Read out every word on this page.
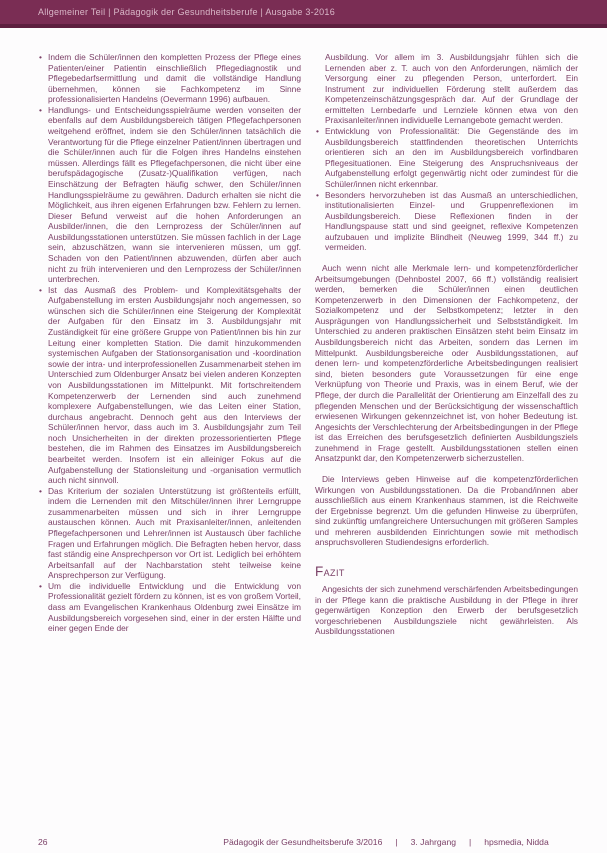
Allgemeiner Teil | Pädagogik der Gesundheitsberufe | Ausgabe 3-2016
• Indem die Schüler/innen den kompletten Prozess der Pflege eines Patienten/einer Patientin einschließlich Pflegediagnostik und Pflegebedarfsermittlung und damit die vollständige Handlung übernehmen, können sie Fachkompetenz im Sinne professionalisierten Handelns (Oevermann 1996) aufbauen.
• Handlungs- und Entscheidungsspielräume werden vonseiten der ebenfalls auf dem Ausbildungsbereich tätigen Pflegefachpersonen weitgehend eröffnet, indem sie den Schüler/innen tatsächlich die Verantwortung für die Pflege einzelner Patient/innen übertragen und die Schüler/innen auch für die Folgen ihres Handelns einstehen müssen. Allerdings fällt es Pflegefachpersonen, die nicht über eine berufspädagogische (Zusatz-)Qualifikation verfügen, nach Einschätzung der Befragten häufig schwer, den Schüler/innen Handlungsspielräume zu gewähren. Dadurch erhalten sie nicht die Möglichkeit, aus ihren eigenen Erfahrungen bzw. Fehlern zu lernen. Dieser Befund verweist auf die hohen Anforderungen an Ausbilder/innen, die den Lernprozess der Schüler/innen auf Ausbildungsstationen unterstützen. Sie müssen fachlich in der Lage sein, abzuschätzen, wann sie intervenieren müssen, um ggf. Schaden von den Patient/innen abzuwenden, dürfen aber auch nicht zu früh intervenieren und den Lernprozess der Schüler/innen unterbrechen.
• Ist das Ausmaß des Problem- und Komplexitätsgehalts der Aufgabenstellung im ersten Ausbildungsjahr noch angemessen, so wünschen sich die Schüler/innen eine Steigerung der Komplexität der Aufgaben für den Einsatz im 3. Ausbildungsjahr mit Zuständigkeit für eine größere Gruppe von Patient/innen bis hin zur Leitung einer kompletten Station. Die damit hinzukommenden systemischen Aufgaben der Stationsorganisation und -koordination sowie der intra- und interprofessionellen Zusammenarbeit stehen im Unterschied zum Oldenburger Ansatz bei vielen anderen Konzepten von Ausbildungsstationen im Mittelpunkt. Mit fortschreitendem Kompetenzerwerb der Lernenden sind auch zunehmend komplexere Aufgabenstellungen, wie das Leiten einer Station, durchaus angebracht. Dennoch geht aus den Interviews der Schüler/innen hervor, dass auch im 3. Ausbildungsjahr zum Teil noch Unsicherheiten in der direkten prozessorientierten Pflege bestehen, die im Rahmen des Einsatzes im Ausbildungsbereich bearbeitet werden. Insofern ist ein alleiniger Fokus auf die Aufgabenstellung der Stationsleitung und -organisation vermutlich auch nicht sinnvoll.
• Das Kriterium der sozialen Unterstützung ist größtenteils erfüllt, indem die Lernenden mit den Mitschüler/innen ihrer Lerngruppe zusammenarbeiten müssen und sich in ihrer Lerngruppe austauschen können. Auch mit Praxisanleiter/innen, anleitenden Pflegefachpersonen und Lehrer/innen ist Austausch über fachliche Fragen und Erfahrungen möglich. Die Befragten heben hervor, dass fast ständig eine Ansprechperson vor Ort ist. Lediglich bei erhöhtem Arbeitsanfall auf der Nachbarstation steht teilweise keine Ansprechperson zur Verfügung.
• Um die individuelle Entwicklung und die Entwicklung von Professionalität gezielt fördern zu können, ist es von großem Vorteil, dass am Evangelischen Krankenhaus Oldenburg zwei Einsätze im Ausbildungsbereich vorgesehen sind, einer in der ersten Hälfte und einer gegen Ende der
Ausbildung. Vor allem im 3. Ausbildungsjahr fühlen sich die Lernenden aber z. T. auch von den Anforderungen, nämlich der Versorgung einer zu pflegenden Person, unterfordert. Ein Instrument zur individuellen Förderung stellt außerdem das Kompetenzeinschätzungsgespräch dar. Auf der Grundlage der ermittelten Lernbedarfe und Lernziele können etwa von den Praxisanleiter/innen individuelle Lernangebote gemacht werden.
• Entwicklung von Professionalität: Die Gegenstände des im Ausbildungsbereich stattfindenden theoretischen Unterrichts orientieren sich an den im Ausbildungsbereich vorfindbaren Pflegesituationen. Eine Steigerung des Anspruchsniveaus der Aufgabenstellung erfolgt gegenwärtig nicht oder zumindest für die Schüler/innen nicht erkennbar.
• Besonders hervorzuheben ist das Ausmaß an unterschiedlichen, institutionalisierten Einzel- und Gruppenreflexionen im Ausbildungsbereich. Diese Reflexionen finden in der Handlungspause statt und sind geeignet, reflexive Kompetenzen aufzubauen und implizite Blindheit (Neuweg 1999, 344 ff.) zu vermeiden.
Auch wenn nicht alle Merkmale lern- und kompetenzförderlicher Arbeitsumgebungen (Dehnbostel 2007, 66 ff.) vollständig realisiert werden, bemerken die Schüler/innen einen deutlichen Kompetenzerwerb in den Dimensionen der Fachkompetenz, der Sozialkompetenz und der Selbstkompetenz; letzter in den Ausprägungen von Handlungssicherheit und Selbstständigkeit. Im Unterschied zu anderen praktischen Einsätzen steht beim Einsatz im Ausbildungsbereich nicht das Arbeiten, sondern das Lernen im Mittelpunkt. Ausbildungsbereiche oder Ausbildungsstationen, auf denen lern- und kompetenzförderliche Arbeitsbedingungen realisiert sind, bieten besonders gute Voraussetzungen für eine enge Verknüpfung von Theorie und Praxis, was in einem Beruf, wie der Pflege, der durch die Parallelität der Orientierung am Einzelfall des zu pflegenden Menschen und der Berücksichtigung der wissenschaftlich erwiesenen Wirkungen gekennzeichnet ist, von hoher Bedeutung ist. Angesichts der Verschlechterung der Arbeitsbedingungen in der Pflege ist das Erreichen des berufsgesetzlich definierten Ausbildungsziels zunehmend in Frage gestellt. Ausbildungsstationen stellen einen Ansatzpunkt dar, den Kompetenzerwerb sicherzustellen.
Die Interviews geben Hinweise auf die kompetenzförderlichen Wirkungen von Ausbildungsstationen. Da die Proband/innen aber ausschließlich aus einem Krankenhaus stammen, ist die Reichweite der Ergebnisse begrenzt. Um die gefunden Hinweise zu überprüfen, sind zukünftig umfangreichere Untersuchungen mit größeren Samples und mehreren ausbildenden Einrichtungen sowie mit methodisch anspruchsvolleren Studiendesigns erforderlich.
Fazit
Angesichts der sich zunehmend verschärfenden Arbeitsbedingungen in der Pflege kann die praktische Ausbildung in der Pflege in ihrer gegenwärtigen Konzeption den Erwerb der berufsgesetzlich vorgeschriebenen Ausbildungsziele nicht gewährleisten. Als Ausbildungsstationen
26	Pädagogik der Gesundheitsberufe 3/2016	|	3. Jahrgang	|	hpsmedia, Nidda
